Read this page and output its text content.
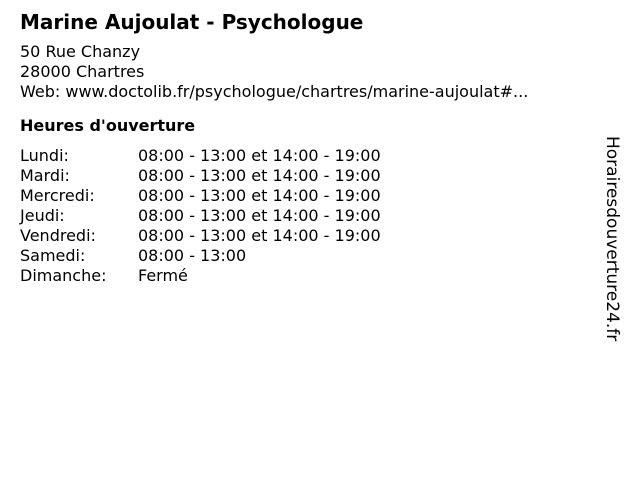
Marine Aujoulat - Psychologue
50 Rue Chanzy
28000 Chartres
Web: www.doctolib.fr/psychologue/chartres/marine-aujoulat#...
Heures d'ouverture
Lundi:	08:00 - 13:00 et 14:00 - 19:00
Mardi:	08:00 - 13:00 et 14:00 - 19:00
Mercredi:	08:00 - 13:00 et 14:00 - 19:00
Jeudi:	08:00 - 13:00 et 14:00 - 19:00
Vendredi:	08:00 - 13:00 et 14:00 - 19:00
Samedi:	08:00 - 13:00
Dimanche:	Fermé	Horairesdouverture24.fr
